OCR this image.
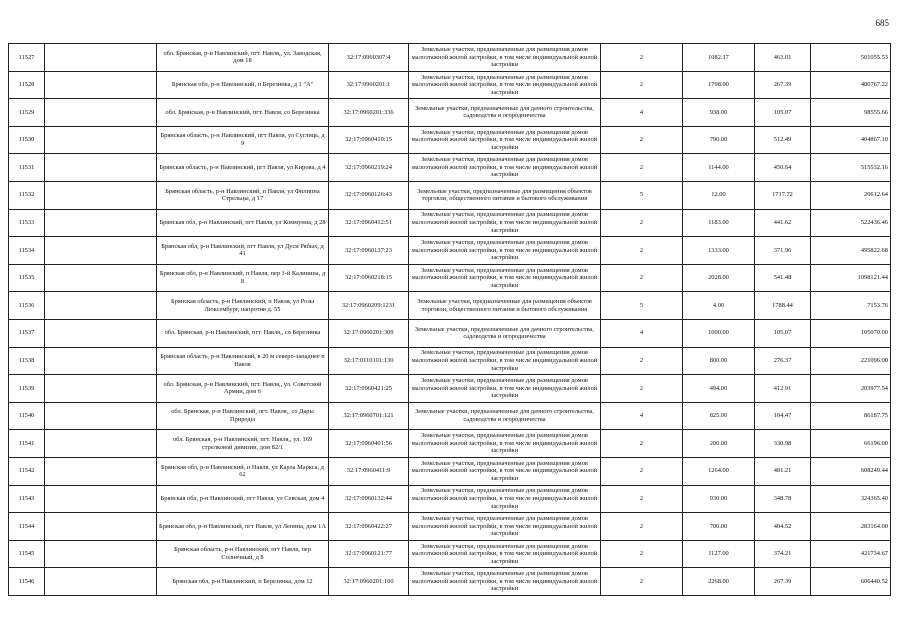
685
11527		обл. Брянская, р-н Навлинский, пгт. Навля,, ул. Заводская, дом 18	32:17:0960307:4	Земельные участки, предназначенные для размещения домов малоэтажной жилой застройки, в том числе индивидуальной жилой застройки	2	1082.17	463.01	501055.53
11528		Брянская обл, р-н Навлинский, п Березинка, д 1 "А"	32:17:0960201:1	Земельные участки, предназначенные для размещения домов малоэтажной жилой застройки, в том числе индивидуальной жилой застройки	2	1798.00	267.39	480767.22
11529		обл. Брянская, р-н Навлинский, пгт. Навля, со Березинка	32:17:0960201:336	Земельные участки, предназначенные для дачного строительства, садоводства и огородничества	4	938.00	105.07	98555.66
11530		Брянская область, р-н Навлинский, пгт Навля, ул Суглиць, д 9	32:17:0960410:15	Земельные участки, предназначенные для размещения домов малоэтажной жилой застройки, в том числе индивидуальной жилой застройки	2	790.00	512.49	404867.10
11531		Брянская область, р-н Навлинский, пгт Навля, ул Кирова, д 4	32:17:0960219:24	Земельные участки, предназначенные для размещения домов малоэтажной жилой застройки, в том числе индивидуальной жилой застройки	2	1144.00	450.64	515532.16
11532		Брянская область, р-н Навлинский, п Навля, ул Филипна Стрельцы, д 17	32:17:0960126:43	Земельные участки, предназначенные для размещения объектов торговли, общественного питания и бытового обслуживания	5	12.00	1717.72	20612.64
11533		Брянская обл, р-н Навлинский, пгт Навля, ул Коммунна, д 28	32:17:0960412:51	Земельные участки, предназначенные для размещения домов малоэтажной жилой застройки, в том числе индивидуальной жилой застройки	2	1183.00	441.62	522436.46
11534		Брянская обл, р-н Навлинский, пгт Навля, ул Дуси Рябых, д 41	32:17:0960137:23	Земельные участки, предназначенные для размещения домов малоэтажной жилой застройки, в том числе индивидуальной жилой застройки	2	1333.00	371.96	495822.68
11535		Брянская обл, р-н Навлинский, п Навля, пер 1-й Калинина, д 8	32:17:0960218:15	Земельные участки, предназначенные для размещения домов малоэтажной жилой застройки, в том числе индивидуальной жилой застройки	2	2028.00	541.48	1098121.44
11536		Брянская область, р-н Навлинский, п Навля, ул Розы Люксембург, напротив д. 55	32:17:0960209:1231	Земельные участки, предназначенные для размещения объектов торговли, общественного питания и бытового обслуживания	5	4.00	1788.44	7153.76
11537		обл. Брянская, р-н Навлинский, пгт. Навля,, со Березинка	32:17:0960201:309	Земельные участки, предназначенные для дачного строительства, садоводства и огородничества	4	1000.00	105.07	105070.00
11538		Брянская область, р-н Навлинский, в 20 м северо-западнее п Навля	32:17:0110101:130	Земельные участки, предназначенные для размещения домов малоэтажной жилой застройки, в том числе индивидуальной жилой застройки	2	800.00	276.37	221096.00
11539		обл. Брянская, р-н Навлинский, пгт. Навля,, ул. Советской Армии, дом 6	32:17:0960421:25	Земельные участки, предназначенные для размещения домов малоэтажной жилой застройки, в том числе индивидуальной жилой застройки	2	494.00	412.91	203977.54
11540		обл. Брянская, р-н Навлинский, пгт. Навля,, со Дары Природы	32:17:0960701:121	Земельные участки, предназначенные для дачного строительства, садоводства и огородничества	4	825.00	104.47	86187.75
11541		обл. Брянская, р-н Навлинский, пгт. Навля,, ул. 169 стрелковой дивизии, дом 82/1	32:17:0960401:56	Земельные участки, предназначенные для размещения домов малоэтажной жилой застройки, в том числе индивидуальной жилой застройки	2	200.00	330.98	66196.00
11542		Брянская обл, р-н Навлинский, п Навля, ул Карла Маркса, д 62	32:17:0960411:9	Земельные участки, предназначенные для размещения домов малоэтажной жилой застройки, в том числе индивидуальной жилой застройки	2	1264.00	481.21	608249.44
11543		Брянская обл, р-н Навлинский, пгт Навля, ул Севская, дом 4	32:17:0960132:44	Земельные участки, предназначенные для размещения домов малоэтажной жилой застройки, в том числе индивидуальной жилой застройки	2	930.00	348.78	324365.40
11544		Брянская обл, р-н Навлинский, пгт Навля, ул Ленина, дом 1А	32:17:0960422:27	Земельные участки, предназначенные для размещения домов малоэтажной жилой застройки, в том числе индивидуальной жилой застройки	2	700.00	404.52	283164.00
11545		Брянская область, р-н Навлинский, пгт Навля, пер Солнечный, д 8	32:17:0960121:77	Земельные участки, предназначенные для размещения домов малоэтажной жилой застройки, в том числе индивидуальной жилой застройки	2	1127.00	374.21	421734.67
11546		Брянская обл, р-н Навлинский, п Березинка, дом 12	32:17:0960201:100	Земельные участки, предназначенные для размещения домов малоэтажной жилой застройки, в том числе индивидуальной жилой застройки	2	2268.00	267.39	606440.52
